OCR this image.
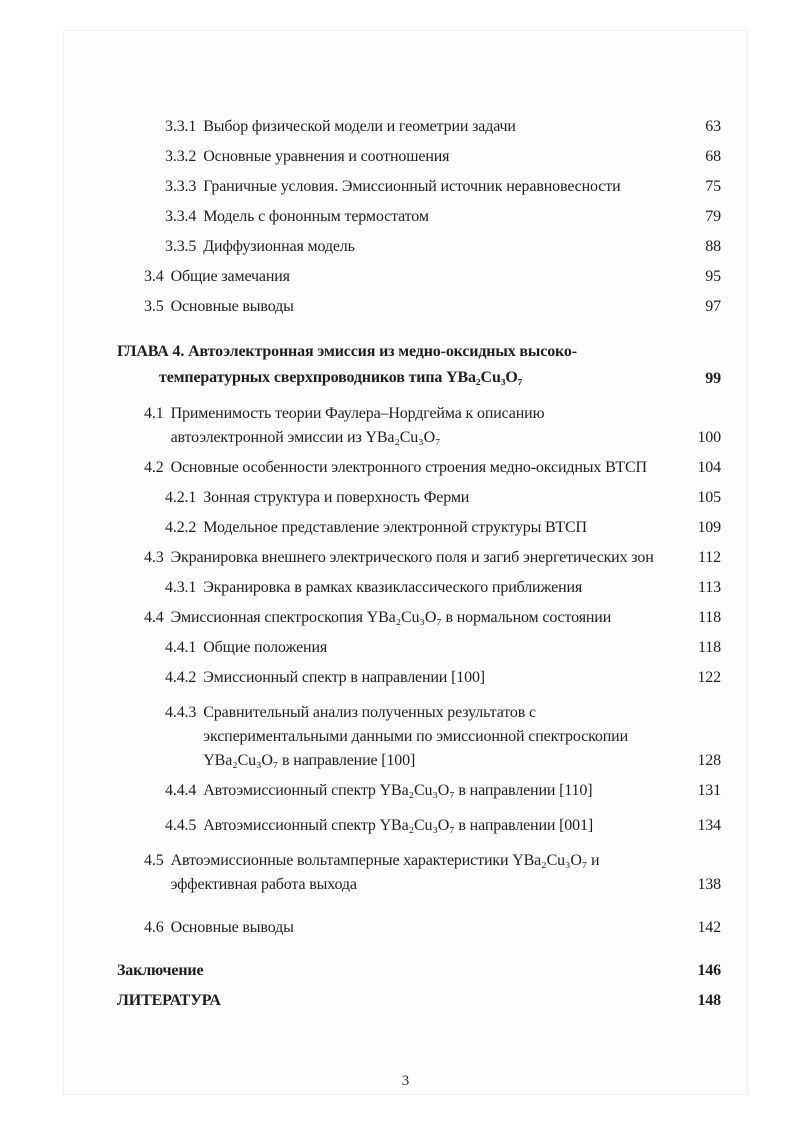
3.3.1 Выбор физической модели и геометрии задачи	63
3.3.2 Основные уравнения и соотношения	68
3.3.3 Граничные условия. Эмиссионный источник неравновесности	75
3.3.4 Модель с фононным термостатом	79
3.3.5 Диффузионная модель	88
3.4 Общие замечания	95
3.5 Основные выводы	97
ГЛАВА 4. Автоэлектронная эмиссия из медно-оксидных высоко-
температурных сверхпроводников типа YBa₂Cu₃O₇	99
4.1 Применимость теории Фаулера–Нордгейма к описанию
автоэлектронной эмиссии из YBa₂Cu₃O₇	100
4.2 Основные особенности электронного строения медно-оксидных ВТСП	104
4.2.1 Зонная структура и поверхность Ферми	105
4.2.2 Модельное представление электронной структуры ВТСП	109
4.3 Экранировка внешнего электрического поля и загиб энергетических зон	112
4.3.1 Экранировка в рамках квазиклассического приближения	113
4.4 Эмиссионная спектроскопия YBa₂Cu₃O₇ в нормальном состоянии	118
4.4.1 Общие положения	118
4.4.2 Эмиссионный спектр в направлении [100]	122
4.4.3 Сравнительный анализ полученных результатов с
экспериментальными данными по эмиссионной спектроскопии
YBa₂Cu₃O₇ в направление [100]	128
4.4.4 Автоэмиссионный спектр YBa₂Cu₃O₇ в направлении [110]	131
4.4.5 Автоэмиссионный спектр YBa₂Cu₃O₇ в направлении [001]	134
4.5 Автоэмиссионные вольтамперные характеристики YBa₂Cu₃O₇ и
эффективная работа выхода	138
4.6 Основные выводы	142
Заключение	146
ЛИТЕРАТУРА	148
3
